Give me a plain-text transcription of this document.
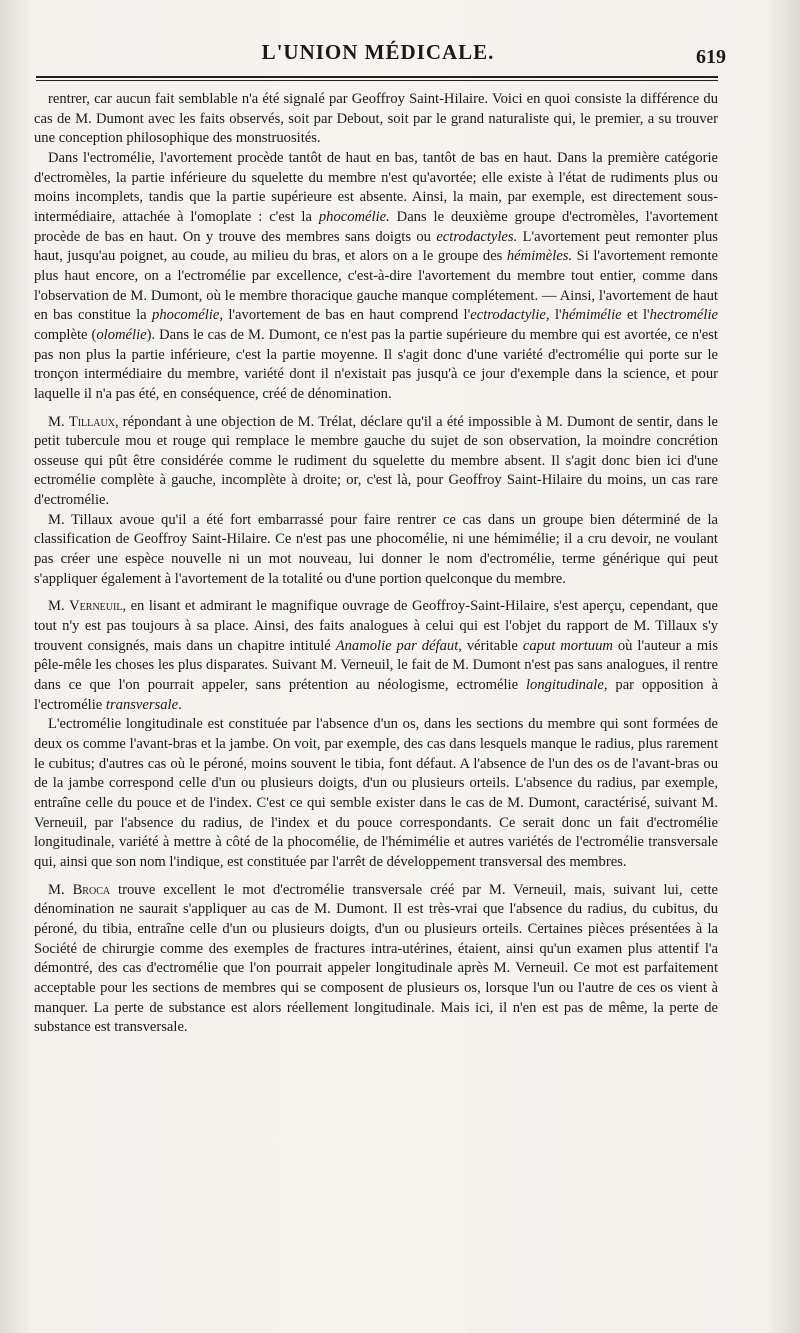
L'UNION MÉDICALE.	619

rentrer, car aucun fait semblable n'a été signalé par Geoffroy Saint-Hilaire. Voici en quoi consiste la différence du cas de M. Dumont avec les faits observés, soit par Debout, soit par le grand naturaliste qui, le premier, a su trouver une conception philosophique des monstruosités.

Dans l'ectromélie, l'avortement procède tantôt de haut en bas, tantôt de bas en haut. Dans la première catégorie d'ectromèles, la partie inférieure du squelette du membre n'est qu'avortée; elle existe à l'état de rudiments plus ou moins incomplets, tandis que la partie supérieure est absente. Ainsi, la main, par exemple, est directement sous-intermédiaire, attachée à l'omoplate : c'est la phocomélie. Dans le deuxième groupe d'ectromèles, l'avortement procède de bas en haut. On y trouve des membres sans doigts ou ectrodactyles. L'avortement peut remonter plus haut, jusqu'au poignet, au coude, au milieu du bras, et alors on a le groupe des hémimèles. Si l'avortement remonte plus haut encore, on a l'ectromélie par excellence, c'est-à-dire l'avortement du membre tout entier, comme dans l'observation de M. Dumont, où le membre thoracique gauche manque complétement. — Ainsi, l'avortement de haut en bas constitue la phocomélie, l'avortement de bas en haut comprend l'ectrodactylie, l'hémimélie et l'hectromélie complète (olomélie). Dans le cas de M. Dumont, ce n'est pas la partie supérieure du membre qui est avortée, ce n'est pas non plus la partie inférieure, c'est la partie moyenne. Il s'agit donc d'une variété d'ectromélie qui porte sur le tronçon intermédiaire du membre, variété dont il n'existait pas jusqu'à ce jour d'exemple dans la science, et pour laquelle il n'a pas été, en conséquence, créé de dénomination.

M. Tillaux, répondant à une objection de M. Trélat, déclare qu'il a été impossible à M. Dumont de sentir, dans le petit tubercule mou et rouge qui remplace le membre gauche du sujet de son observation, la moindre concrétion osseuse qui pût être considérée comme le rudiment du squelette du membre absent. Il s'agit donc bien ici d'une ectromélie complète à gauche, incomplète à droite; or, c'est là, pour Geoffroy Saint-Hilaire du moins, un cas rare d'ectromélie.

M. Tillaux avoue qu'il a été fort embarrassé pour faire rentrer ce cas dans un groupe bien déterminé de la classification de Geoffroy Saint-Hilaire. Ce n'est pas une phocomélie, ni une hémimélie; il a cru devoir, ne voulant pas créer une espèce nouvelle ni un mot nouveau, lui donner le nom d'ectromélie, terme générique qui peut s'appliquer également à l'avortement de la totalité ou d'une portion quelconque du membre.

M. Verneuil, en lisant et admirant le magnifique ouvrage de Geoffroy-Saint-Hilaire, s'est aperçu, cependant, que tout n'y est pas toujours à sa place. Ainsi, des faits analogues à celui qui est l'objet du rapport de M. Tillaux s'y trouvent consignés, mais dans un chapitre intitulé Anamolie par défaut, véritable caput mortuum où l'auteur a mis pêle-mêle les choses les plus disparates. Suivant M. Verneuil, le fait de M. Dumont n'est pas sans analogues, il rentre dans ce que l'on pourrait appeler, sans prétention au néologisme, ectromélie longitudinale, par opposition à l'ectromélie transversale.

L'ectromélie longitudinale est constituée par l'absence d'un os, dans les sections du membre qui sont formées de deux os comme l'avant-bras et la jambe. On voit, par exemple, des cas dans lesquels manque le radius, plus rarement le cubitus; d'autres cas où le péroné, moins souvent le tibia, font défaut. A l'absence de l'un des os de l'avant-bras ou de la jambe correspond celle d'un ou plusieurs doigts, d'un ou plusieurs orteils. L'absence du radius, par exemple, entraîne celle du pouce et de l'index. C'est ce qui semble exister dans le cas de M. Dumont, caractérisé, suivant M. Verneuil, par l'absence du radius, de l'index et du pouce correspondants. Ce serait donc un fait d'ectromélie longitudinale, variété à mettre à côté de la phocomélie, de l'hémimélie et autres variétés de l'ectromélie transversale qui, ainsi que son nom l'indique, est constituée par l'arrêt de développement transversal des membres.

M. Broca trouve excellent le mot d'ectromélie transversale créé par M. Verneuil, mais, suivant lui, cette dénomination ne saurait s'appliquer au cas de M. Dumont. Il est très-vrai que l'absence du radius, du cubitus, du péroné, du tibia, entraîne celle d'un ou plusieurs doigts, d'un ou plusieurs orteils. Certaines pièces présentées à la Société de chirurgie comme des exemples de fractures intra-utérines, étaient, ainsi qu'un examen plus attentif l'a démontré, des cas d'ectromélie que l'on pourrait appeler longitudinale après M. Verneuil. Ce mot est parfaitement acceptable pour les sections de membres qui se composent de plusieurs os, lorsque l'un ou l'autre de ces os vient à manquer. La perte de substance est alors réellement longitudinale. Mais ici, il n'en est pas de même, la perte de substance est transversale.
